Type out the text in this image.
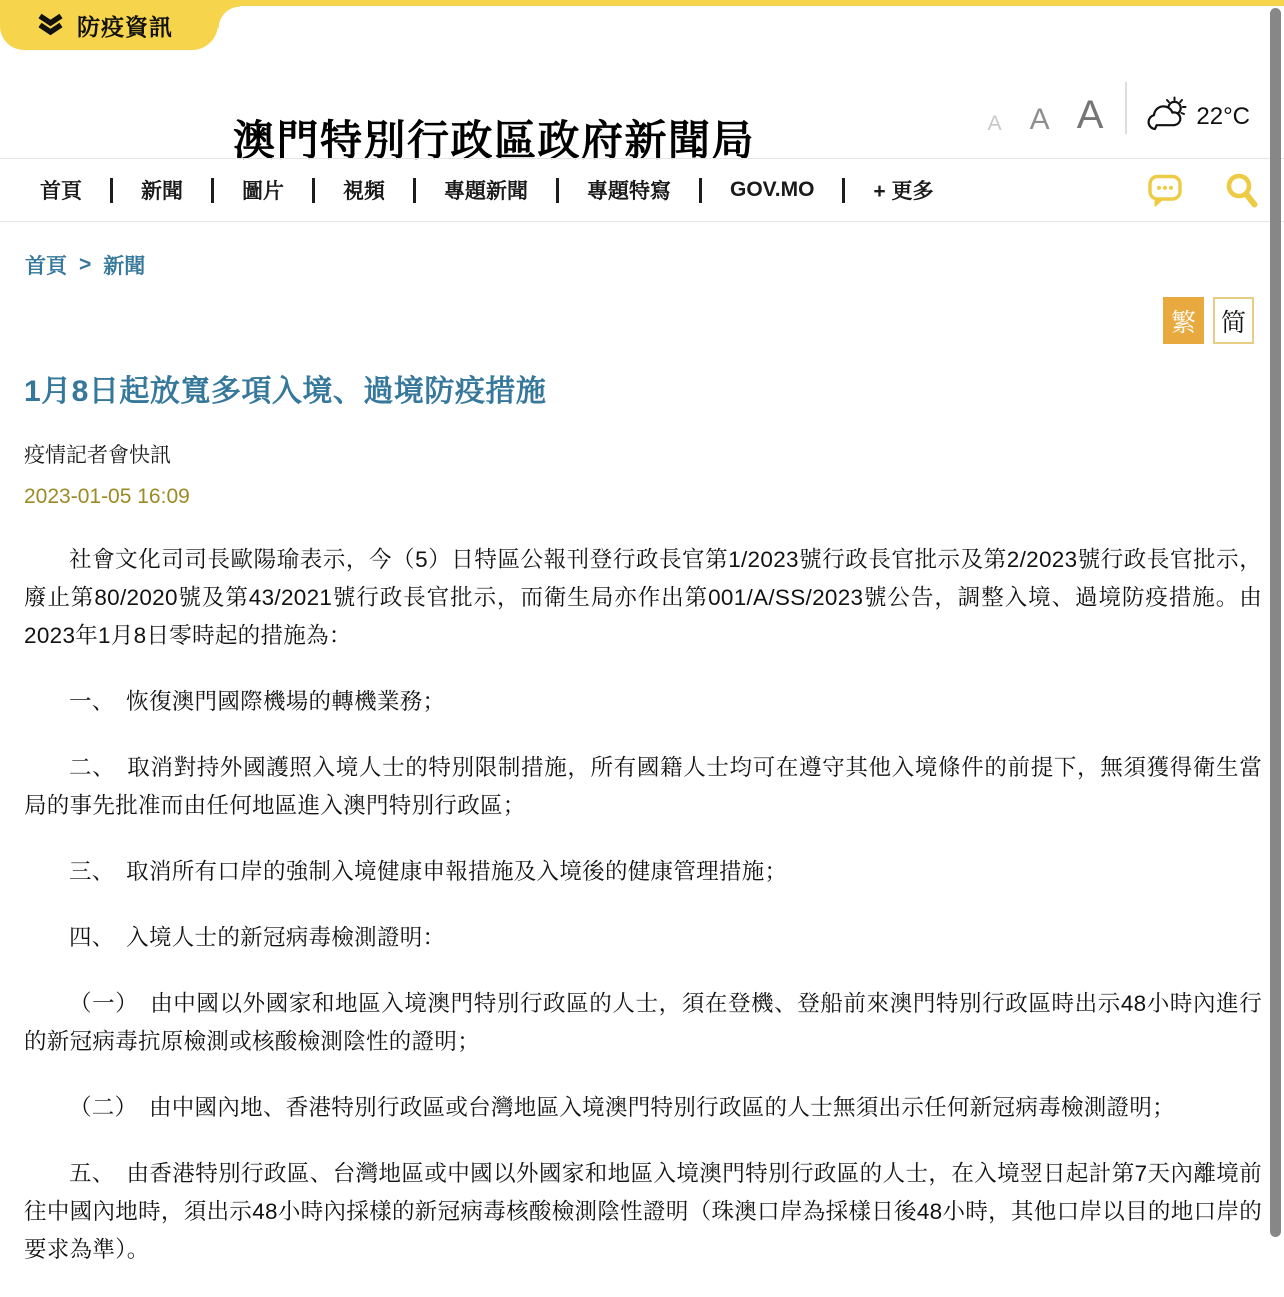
防疫資訊
澳門特別行政區政府新聞局	A A A	22°C
首頁	新聞	圖片	視頻	專題新聞	專題特寫	GOV.MO	+ 更多
首頁 > 新聞
繁 简
1月8日起放寬多項入境、過境防疫措施
疫情記者會快訊
2023-01-05 16:09

社會文化司司長歐陽瑜表示，今（5）日特區公報刊登行政長官第1/2023號行政長官批示及第2/2023號行政長官批示，廢止第80/2020號及第43/2021號行政長官批示，而衛生局亦作出第001/A/SS/2023號公告，調整入境、過境防疫措施。由2023年1月8日零時起的措施為：

一、　恢復澳門國際機場的轉機業務；

二、　取消對持外國護照入境人士的特別限制措施，所有國籍人士均可在遵守其他入境條件的前提下，無須獲得衛生當局的事先批准而由任何地區進入澳門特別行政區；

三、　取消所有口岸的強制入境健康申報措施及入境後的健康管理措施；

四、　入境人士的新冠病毒檢測證明：

（一）　由中國以外國家和地區入境澳門特別行政區的人士，須在登機、登船前來澳門特別行政區時出示48小時內進行的新冠病毒抗原檢測或核酸檢測陰性的證明；

（二）　由中國內地、香港特別行政區或台灣地區入境澳門特別行政區的人士無須出示任何新冠病毒檢測證明；

五、　由香港特別行政區、台灣地區或中國以外國家和地區入境澳門特別行政區的人士，在入境翌日起計第7天內離境前往中國內地時，須出示48小時內採樣的新冠病毒核酸檢測陰性證明（珠澳口岸為採樣日後48小時，其他口岸以目的地口岸的要求為準）。
